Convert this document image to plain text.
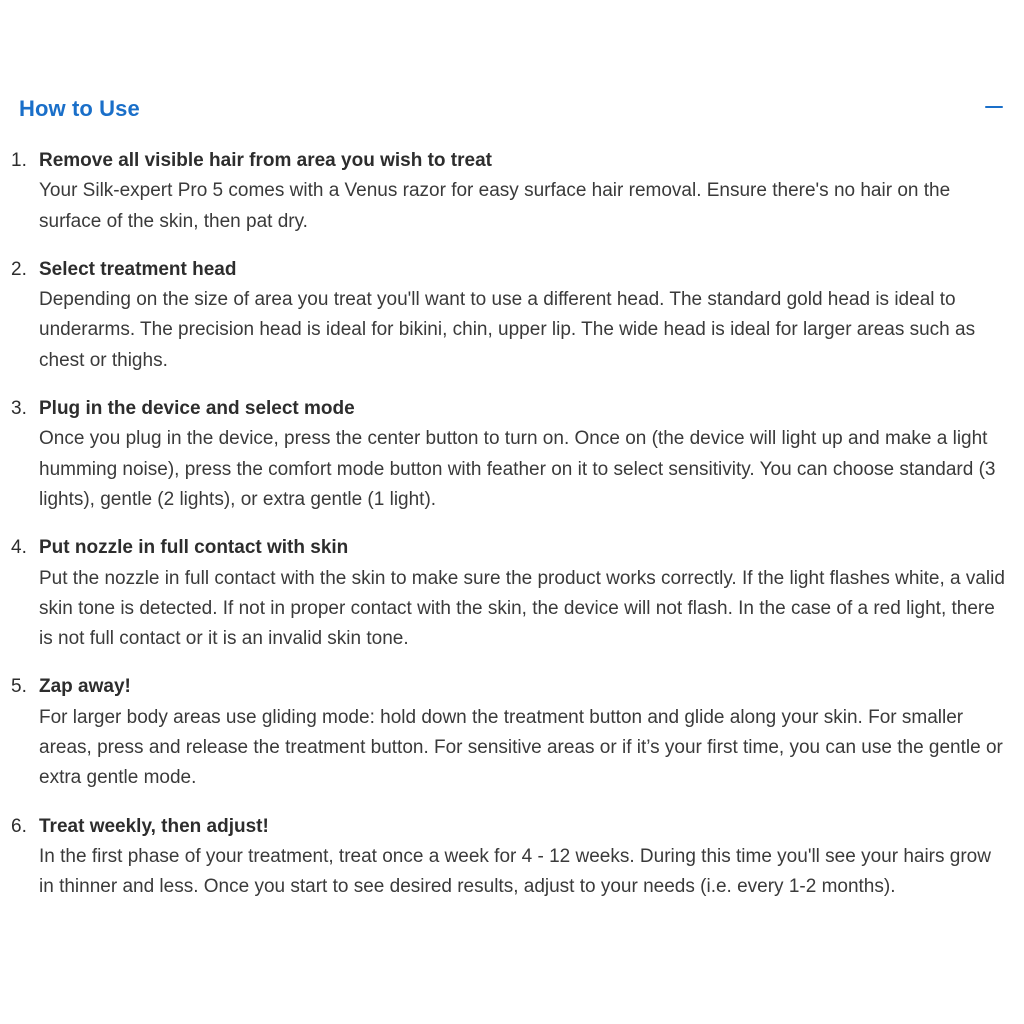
How to Use
1. Remove all visible hair from area you wish to treat
Your Silk-expert Pro 5 comes with a Venus razor for easy surface hair removal. Ensure there's no hair on the surface of the skin, then pat dry.
2. Select treatment head
Depending on the size of area you treat you'll want to use a different head. The standard gold head is ideal to underarms. The precision head is ideal for bikini, chin, upper lip. The wide head is ideal for larger areas such as chest or thighs.
3. Plug in the device and select mode
Once you plug in the device, press the center button to turn on. Once on (the device will light up and make a light humming noise), press the comfort mode button with feather on it to select sensitivity. You can choose standard (3 lights), gentle (2 lights), or extra gentle (1 light).
4. Put nozzle in full contact with skin
Put the nozzle in full contact with the skin to make sure the product works correctly. If the light flashes white, a valid skin tone is detected. If not in proper contact with the skin, the device will not flash. In the case of a red light, there is not full contact or it is an invalid skin tone.
5. Zap away!
For larger body areas use gliding mode: hold down the treatment button and glide along your skin. For smaller areas, press and release the treatment button. For sensitive areas or if it’s your first time, you can use the gentle or extra gentle mode.
6. Treat weekly, then adjust!
In the first phase of your treatment, treat once a week for 4 - 12 weeks. During this time you'll see your hairs grow in thinner and less. Once you start to see desired results, adjust to your needs (i.e. every 1-2 months).
